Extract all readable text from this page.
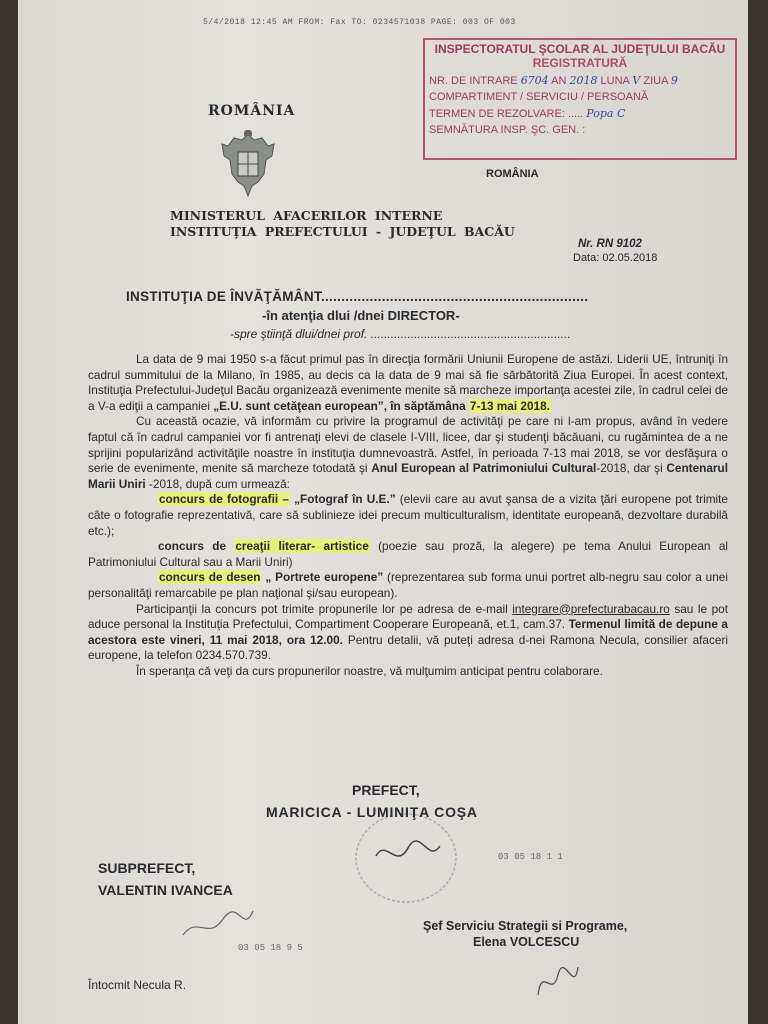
5/4/2018 12:45 AM FROM: Fax TO: 0234571038 PAGE: 003 OF 003
INSPECTORATUL ŞCOLAR AL JUDEŢULUI BACĂU
REGISTRATURĂ
NR. DE INTRARE 6704 AN 2018 LUNA V ZIUA 9
COMPARTIMENT / SERVICIU / PERSOANĂ
TERMEN DE REZOLVARE: ..... Popa C
SEMNĂTURA INSP. ŞC. GEN. :
ROMÂNIA
ROMÂNIA
MINISTERUL AFACERILOR INTERNE
INSTITUŢIA PREFECTULUI - JUDEŢUL BACĂU
Nr. RN 9102
Data: 02.05.2018
INSTITUŢIA DE ÎNVĂŢĂMÂNT..................................................................
-în atenţia dlui /dnei DIRECTOR-
-spre ştiinţă dlui/dnei prof. ............................................................

La data de 9 mai 1950 s-a făcut primul pas în direcţia formării Uniunii Europene de astăzi. Liderii UE, întruniţi în cadrul summitului de la Milano, în 1985, au decis ca la data de 9 mai să fie sărbătorită Ziua Europei. În acest context, Instituţia Prefectului-Judeţul Bacău organizează evenimente menite să marcheze importanţa acestei zile, în cadrul celei de a V-a ediţii a campaniei „E.U. sunt cetăţean european”, în săptămâna 7-13 mai 2018.

Cu această ocazie, vă informăm cu privire la programul de activităţi pe care ni l-am propus, având în vedere faptul că în cadrul campaniei vor fi antrenaţi elevi de clasele I-VIII, licee, dar şi studenţi băcăuani, cu rugămintea de a ne sprijini popularizând activităţile noastre în instituţia dumnevoastră. Astfel, în perioada 7-13 mai 2018, se vor desfăşura o serie de evenimente, menite să marcheze totodată şi Anul European al Patrimoniului Cultural-2018, dar şi Centenarul Marii Uniri -2018, după cum urmează:

concurs de fotografii – „Fotograf în U.E.” (elevii care au avut şansa de a vizita ţări europene pot trimite câte o fotografie reprezentativă, care să sublinieze idei precum multiculturalism, identitate europeană, dezvoltare durabilă etc.);

concurs de creaţii literar- artistice (poezie sau proză, la alegere) pe tema Anului European al Patrimoniului Cultural sau a Marii Uniri)

concurs de desen „ Portrete europene” (reprezentarea sub forma unui portret alb-negru sau color a unei personalităţi remarcabile pe plan naţional şi/sau european).

Participanţii la concurs pot trimite propunerile lor pe adresa de e-mail integrare@prefecturabacau.ro sau le pot aduce personal la Instituţia Prefectului, Compartiment Cooperare Europeană, et.1, cam.37. Termenul limită de depune a acestora este vineri, 11 mai 2018, ora 12.00. Pentru detalii, vă puteţi adresa d-nei Ramona Necula, consilier afaceri europene, la telefon 0234.570.739.

În speranţa că veţi da curs propunerilor noastre, vă mulţumim anticipat pentru colaborare.

PREFECT,
MARICICA - LUMINIŢA COŞA
03 05 18 1 1
SUBPREFECT,
VALENTIN IVANCEA
03 05 18 9 5
Şef Serviciu Strategii si Programe,
Elena VOLCESCU
Întocmit Necula R.
